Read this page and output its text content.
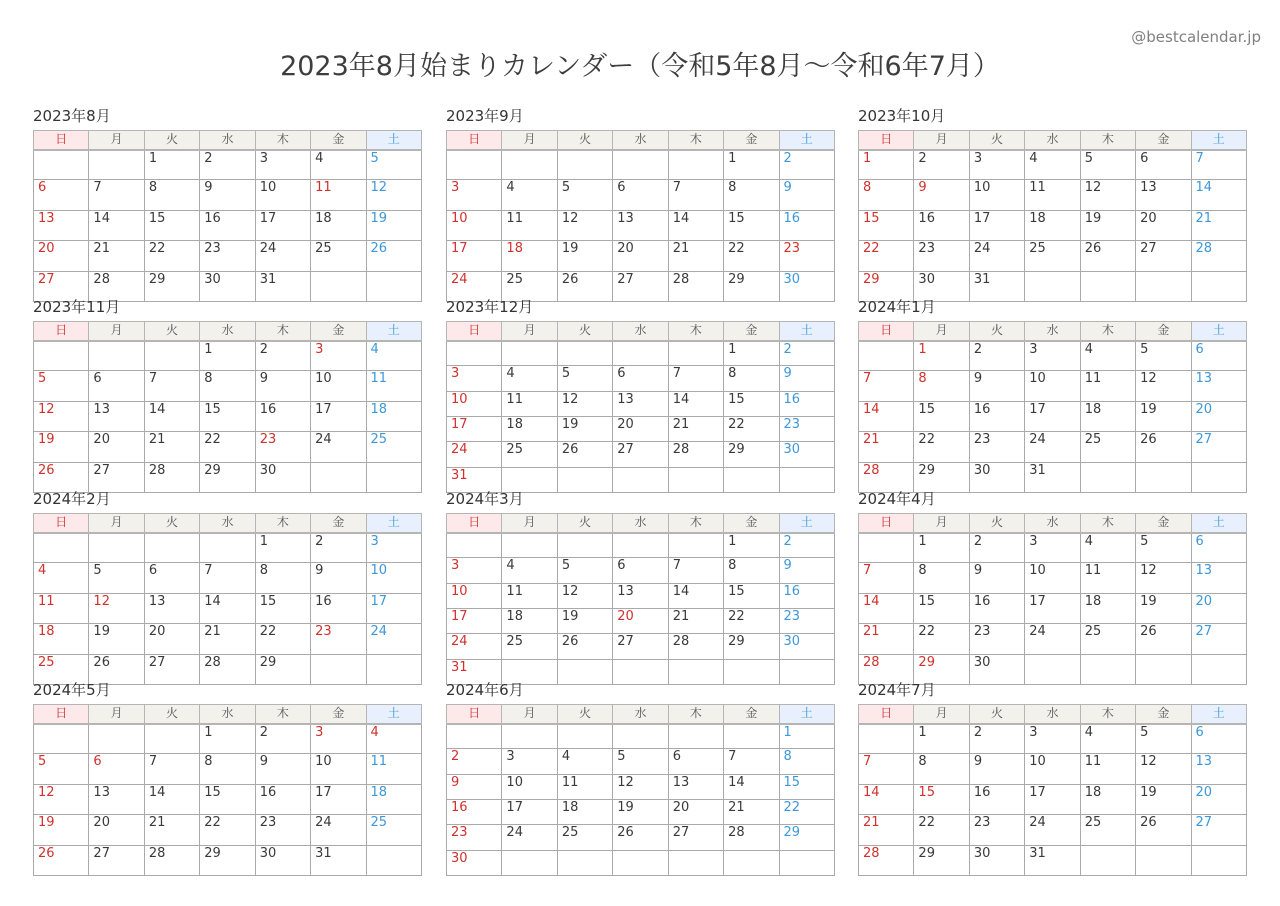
2023年8月始まりカレンダー（令和5年8月～令和6年7月）
@bestcalendar.jp
2023年8月
日	月	火	水	木	金	土
		1	2	3	4	5
6	7	8	9	10	11	12
13	14	15	16	17	18	19
20	21	22	23	24	25	26
27	28	29	30	31		
2023年9月
日	月	火	水	木	金	土
					1	2
3	4	5	6	7	8	9
10	11	12	13	14	15	16
17	18	19	20	21	22	23
24	25	26	27	28	29	30
2023年10月
日	月	火	水	木	金	土
1	2	3	4	5	6	7
8	9	10	11	12	13	14
15	16	17	18	19	20	21
22	23	24	25	26	27	28
29	30	31				
2023年11月
日	月	火	水	木	金	土
			1	2	3	4
5	6	7	8	9	10	11
12	13	14	15	16	17	18
19	20	21	22	23	24	25
26	27	28	29	30		
2023年12月
日	月	火	水	木	金	土
					1	2
3	4	5	6	7	8	9
10	11	12	13	14	15	16
17	18	19	20	21	22	23
24	25	26	27	28	29	30
31						
2024年1月
日	月	火	水	木	金	土
	1	2	3	4	5	6
7	8	9	10	11	12	13
14	15	16	17	18	19	20
21	22	23	24	25	26	27
28	29	30	31			
2024年2月
日	月	火	水	木	金	土
				1	2	3
4	5	6	7	8	9	10
11	12	13	14	15	16	17
18	19	20	21	22	23	24
25	26	27	28	29		
2024年3月
日	月	火	水	木	金	土
					1	2
3	4	5	6	7	8	9
10	11	12	13	14	15	16
17	18	19	20	21	22	23
24	25	26	27	28	29	30
31						
2024年4月
日	月	火	水	木	金	土
	1	2	3	4	5	6
7	8	9	10	11	12	13
14	15	16	17	18	19	20
21	22	23	24	25	26	27
28	29	30				
2024年5月
日	月	火	水	木	金	土
			1	2	3	4
5	6	7	8	9	10	11
12	13	14	15	16	17	18
19	20	21	22	23	24	25
26	27	28	29	30	31	
2024年6月
日	月	火	水	木	金	土
						1
2	3	4	5	6	7	8
9	10	11	12	13	14	15
16	17	18	19	20	21	22
23	24	25	26	27	28	29
30						
2024年7月
日	月	火	水	木	金	土
	1	2	3	4	5	6
7	8	9	10	11	12	13
14	15	16	17	18	19	20
21	22	23	24	25	26	27
28	29	30	31			
